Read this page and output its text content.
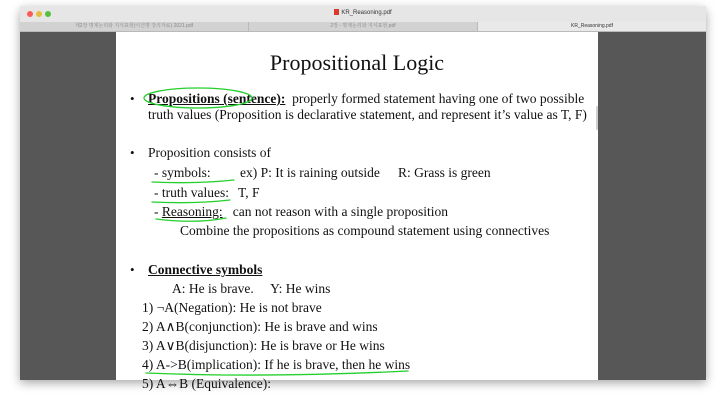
KR_Reasoning.pdf
제2장 명제논리와 지식표현(이건명 강의자료) 2021.pdf	2장 - 명제논리와 지식표현.pdf	KR_Reasoning.pdf
Propositional Logic
• Propositions (sentence): properly formed statement having one of two possible
truth values (Proposition is declarative statement, and represent it’s value as T, F)
• Proposition consists of
- symbols: ex) P: It is raining outside R: Grass is green
- truth values: T, F
- Reasoning: can not reason with a single proposition
Combine the propositions as compound statement using connectives
• Connective symbols
A: He is brave.     Y: He wins
1) ¬A(Negation): He is not brave
2) A∧B(conjunction): He is brave and wins
3) A∨B(disjunction): He is brave or He wins
4) A->B(implication): If he is brave, then he wins
5) A⇔B (Equivalence):
